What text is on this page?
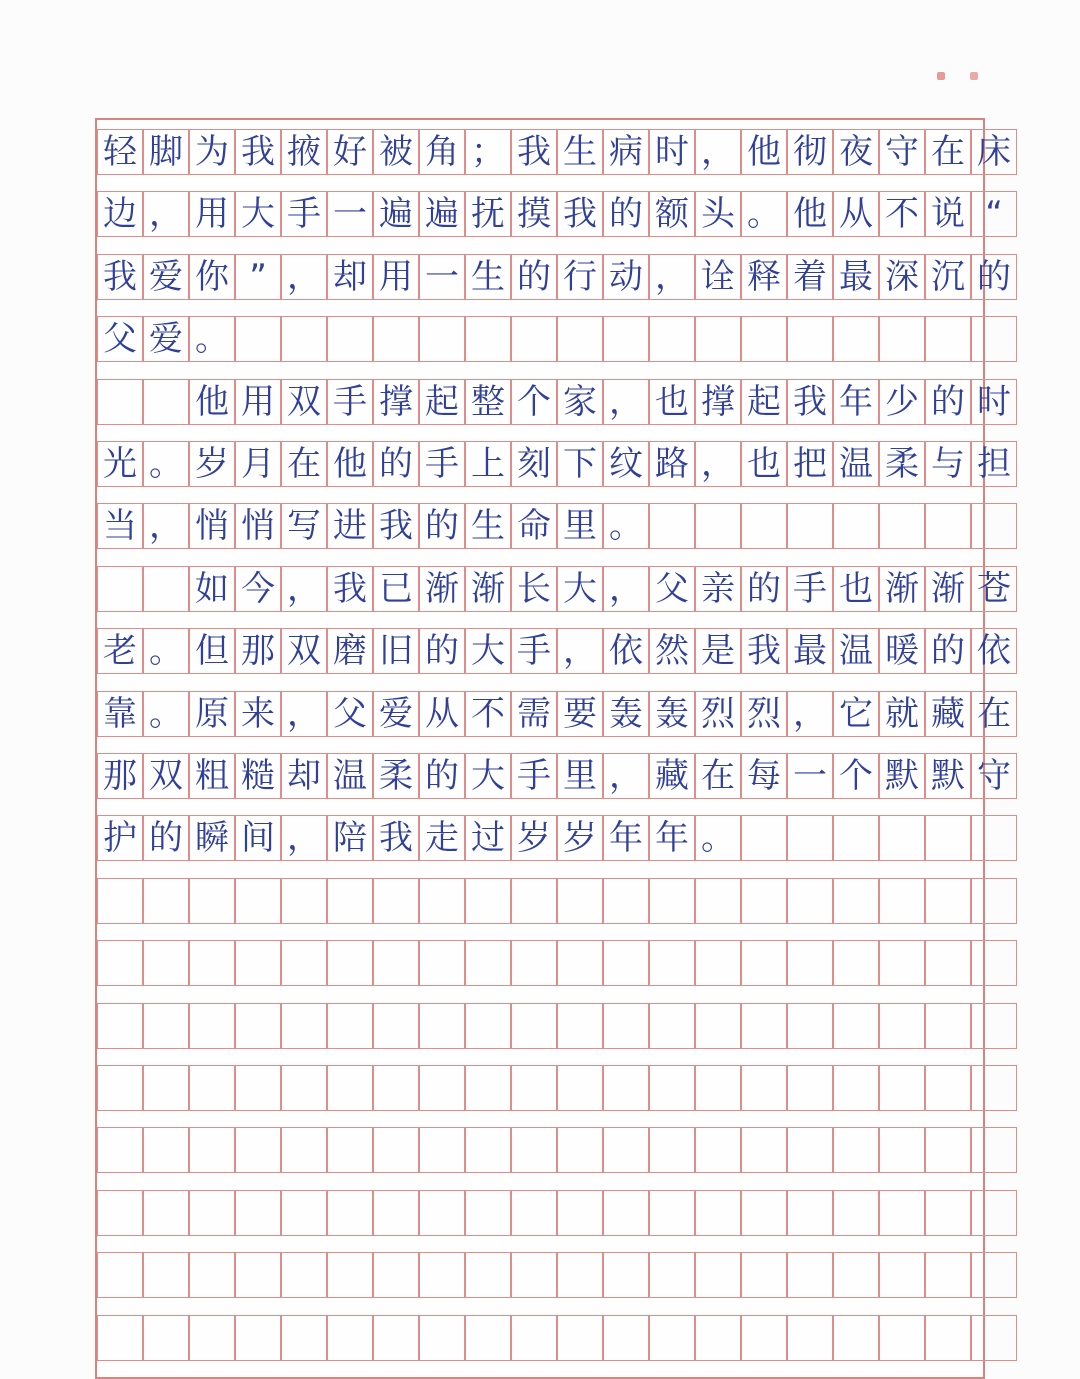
轻 脚 为 我 掖 好 被 角 ； 我 生 病 时 ， 他 彻 夜 守 在 床
边 ， 用 大 手 一 遍 遍 抚 摸 我 的 额 头 。 他 从 不 说 “
我 爱 你 ” ， 却 用 一 生 的 行 动 ， 诠 释 着 最 深 沉 的
父 爱 。
他 用 双 手 撑 起 整 个 家 ， 也 撑 起 我 年 少 的 时
光 。 岁 月 在 他 的 手 上 刻 下 纹 路 ， 也 把 温 柔 与 担
当 ， 悄 悄 写 进 我 的 生 命 里 。
如 今 ， 我 已 渐 渐 长 大 ， 父 亲 的 手 也 渐 渐 苍
老 。 但 那 双 磨 旧 的 大 手 ， 依 然 是 我 最 温 暖 的 依
靠 。 原 来 ， 父 爱 从 不 需 要 轰 轰 烈 烈 ， 它 就 藏 在
那 双 粗 糙 却 温 柔 的 大 手 里 ， 藏 在 每 一 个 默 默 守
护 的 瞬 间 ， 陪 我 走 过 岁 岁 年 年 。
